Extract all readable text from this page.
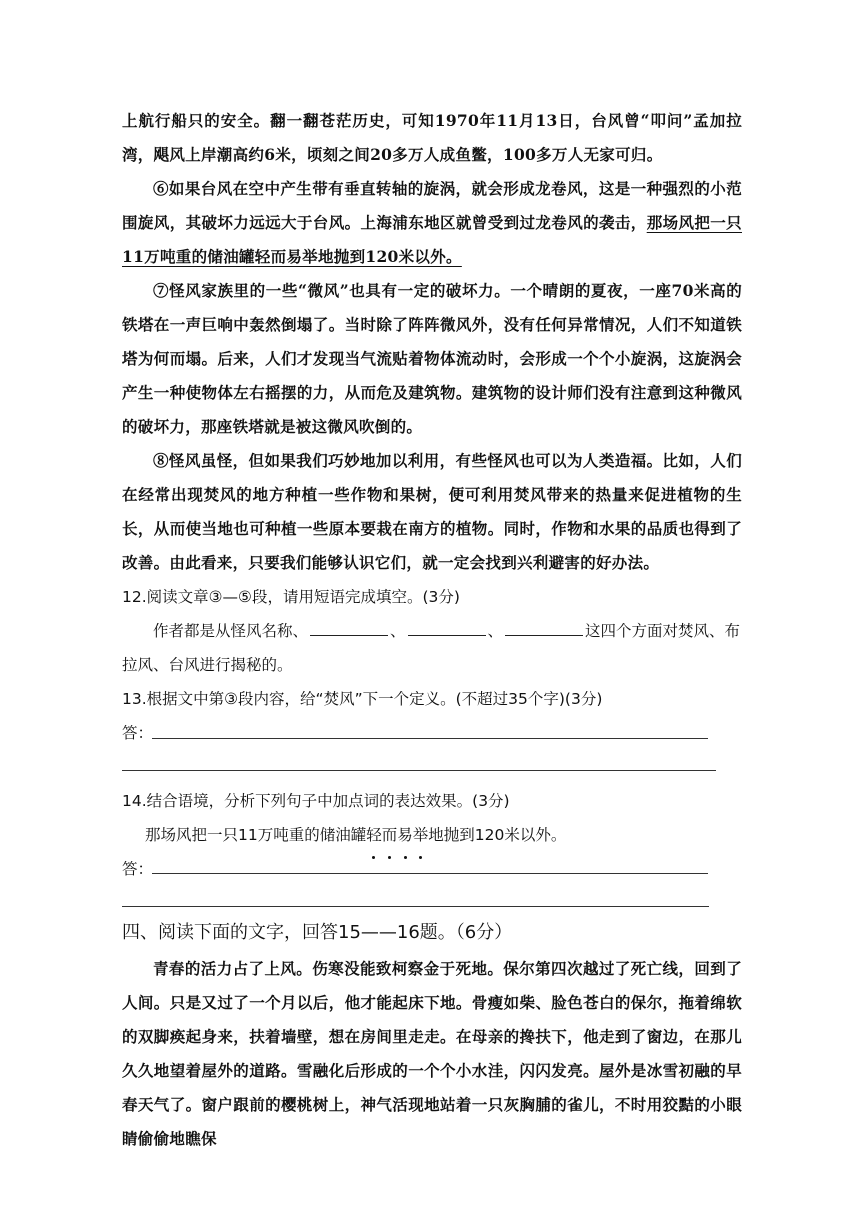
上航行船只的安全。翻一翻苍茫历史，可知1970年11月13日，台风曾“叩问”孟加拉湾，飓风上岸潮高约6米，顷刻之间20多万人成鱼鳖，100多万人无家可归。

⑥如果台风在空中产生带有垂直转轴的旋涡，就会形成龙卷风，这是一种强烈的小范围旋风，其破坏力远远大于台风。上海浦东地区就曾受到过龙卷风的袭击，那场风把一只11万吨重的储油罐轻而易举地抛到120米以外。

⑦怪风家族里的一些“微风”也具有一定的破坏力。一个晴朗的夏夜，一座70米高的铁塔在一声巨响中轰然倒塌了。当时除了阵阵微风外，没有任何异常情况，人们不知道铁塔为何而塌。后来，人们才发现当气流贴着物体流动时，会形成一个个小旋涡，这旋涡会产生一种使物体左右摇摆的力，从而危及建筑物。建筑物的设计师们没有注意到这种微风的破坏力，那座铁塔就是被这微风吹倒的。

⑧怪风虽怪，但如果我们巧妙地加以利用，有些怪风也可以为人类造福。比如，人们在经常出现焚风的地方种植一些作物和果树，便可利用焚风带来的热量来促进植物的生长，从而使当地也可种植一些原本要栽在南方的植物。同时，作物和水果的品质也得到了改善。由此看来，只要我们能够认识它们，就一定会找到兴利避害的好办法。

12.阅读文章③—⑤段，请用短语完成填空。(3分)

作者都是从怪风名称、	、	、	这四个方面对焚风、布拉风、台风进行揭秘的。

13.根据文中第③段内容，给“焚风”下一个定义。(不超过35个字)(3分)

答：

14.结合语境，分析下列句子中加点词的表达效果。(3分)

那场风把一只11万吨重的储油罐轻而易举地抛到120米以外。

答：

四、阅读下面的文字，回答15——16题。（6分）

青春的活力占了上风。伤寒没能致柯察金于死地。保尔第四次越过了死亡线，回到了人间。只是又过了一个月以后，他才能起床下地。骨瘦如柴、脸色苍白的保尔，拖着绵软的双脚痪起身来，扶着墙壁，想在房间里走走。在母亲的搀扶下，他走到了窗边，在那儿久久地望着屋外的道路。雪融化后形成的一个个小水洼，闪闪发亮。屋外是冰雪初融的早春天气了。窗户跟前的樱桃树上，神气活现地站着一只灰胸脯的雀儿，不时用狡黠的小眼睛偷偷地瞧保
